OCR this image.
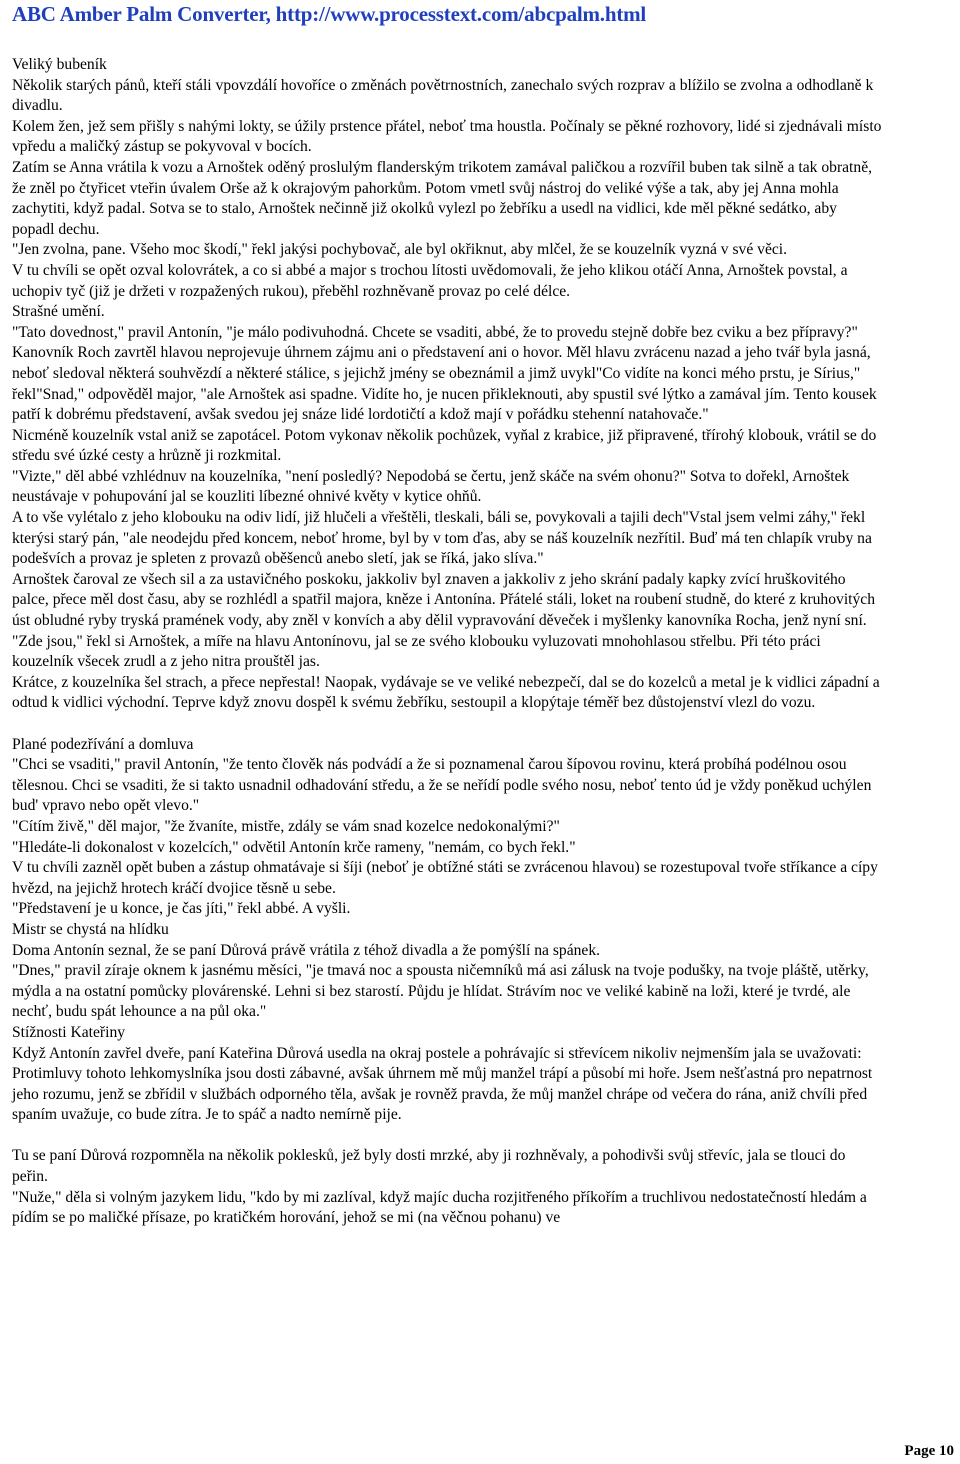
ABC Amber Palm Converter, http://www.processtext.com/abcpalm.html
Veliký bubeník
Několik starých pánů, kteří stáli vpovzdálí hovoříce o změnách povětrnostních, zanechalo svých rozprav a blížilo se zvolna a odhodlaně k divadlu.
Kolem žen, jež sem přišly s nahými lokty, se úžily prstence přátel, neboť tma houstla. Počínaly se pěkné rozhovory, lidé si zjednávali místo vpředu a maličký zástup se pokyvoval v bocích.
Zatím se Anna vrátila k vozu a Arnoštek oděný proslulým flanderským trikotem zamával paličkou a rozvířil buben tak silně a tak obratně, že zněl po čtyřicet vteřin úvalem Orše až k okrajovým pahorkům. Potom vmetl svůj nástroj do veliké výše a tak, aby jej Anna mohla zachytiti, když padal. Sotva se to stalo, Arnoštek nečinně již okolků vylezl po žebříku a usedl na vidlici, kde měl pěkné sedátko, aby popadl dechu.
"Jen zvolna, pane. Všeho moc škodí," řekl jakýsi pochybovač, ale byl okřiknut, aby mlčel, že se kouzelník vyzná v své věci.
V tu chvíli se opět ozval kolovrátek, a co si abbé a major s trochou lítosti uvědomovali, že jeho klikou otáčí Anna, Arnoštek povstal, a uchopiv tyč (již je držeti v rozpažených rukou), přeběhl rozhněvaně provaz po celé délce.
Strašné umění.
"Tato dovednost," pravil Antonín, "je málo podivuhodná. Chcete se vsaditi, abbé, že to provedu stejně dobře bez cviku a bez přípravy?"
Kanovník Roch zavrtěl hlavou neprojevuje úhrnem zájmu ani o představení ani o hovor. Měl hlavu zvrácenu nazad a jeho tvář byla jasná, neboť sledoval některá souhvězdí a některé stálice, s jejichž jmény se obeznámil a jimž uvykl"Co vidíte na konci mého prstu, je Sírius," řekl"Snad," odpověděl major, "ale Arnoštek asi spadne. Vidíte ho, je nucen přikleknouti, aby spustil své lýtko a zamával jím. Tento kousek patří k dobrému představení, avšak svedou jej snáze lidé lordotičtí a kdož mají v pořádku stehenní natahovače."
Nicméně kouzelník vstal aniž se zapotácel. Potom vykonav několik pochůzek, vyňal z krabice, již připravené, třírohý klobouk, vrátil se do středu své úzké cesty a hrůzně ji rozkmital.
"Vizte," děl abbé vzhlédnuv na kouzelníka, "není posledlý? Nepodobá se čertu, jenž skáče na svém ohonu?" Sotva to dořekl, Arnoštek neustávaje v pohupování jal se kouzliti líbezné ohnivé květy v kytice ohňů.
A to vše vylétalo z jeho klobouku na odiv lidí, již hlučeli a vřeštěli, tleskali, báli se, povykovali a tajili dech"Vstal jsem velmi záhy," řekl kterýsi starý pán, "ale neodejdu před koncem, neboť hrome, byl by v tom ďas, aby se náš kouzelník nezřítil. Buď má ten chlapík vruby na podešvích a provaz je spleten z provazů oběšenců anebo sletí, jak se říká, jako slíva."
Arnoštek čaroval ze všech sil a za ustavičného poskoku, jakkoliv byl znaven a jakkoliv z jeho skrání padaly kapky zvící hruškovitého palce, přece měl dost času, aby se rozhlédl a spatřil majora, kněze i Antonína. Přátelé stáli, loket na roubení studně, do které z kruhovitých úst obludné ryby tryská pramének vody, aby zněl v konvích a aby dělil vypravování děveček i myšlenky kanovníka Rocha, jenž nyní sní.
"Zde jsou," řekl si Arnoštek, a míře na hlavu Antonínovu, jal se ze svého klobouku vyluzovati mnohohlasou střelbu. Při této práci kouzelník všecek zrudl a z jeho nitra prouštěl jas.
Krátce, z kouzelníka šel strach, a přece nepřestal! Naopak, vydávaje se ve veliké nebezpečí, dal se do kozelců a metal je k vidlici západní a odtud k vidlici východní. Teprve když znovu dospěl k svému žebříku, sestoupil a klopýtaje téměř bez důstojenství vlezl do vozu.
Plané podezřívání a domluva
"Chci se vsaditi," pravil Antonín, "že tento člověk nás podvádí a že si poznamenal čarou šípovou rovinu, která probíhá podélnou osou tělesnou. Chci se vsaditi, že si takto usnadnil odhadování středu, a že se neřídí podle svého nosu, neboť tento úd je vždy poněkud uchýlen bud' vpravo nebo opět vlevo."
"Cítím živě," děl major, "že žvaníte, mistře, zdály se vám snad kozelce nedokonalými?"
"Hledáte-li dokonalost v kozelcích," odvětil Antonín krče rameny, "nemám, co bych řekl."
V tu chvíli zazněl opět buben a zástup ohmatávaje si šíji (neboť je obtížné státi se zvrácenou hlavou) se rozestupoval tvoře stříkance a cípy hvězd, na jejichž hrotech kráčí dvojice těsně u sebe.
"Představení je u konce, je čas jíti," řekl abbé. A vyšli.
Mistr se chystá na hlídku
Doma Antonín seznal, že se paní Důrová právě vrátila z téhož divadla a že pomýšlí na spánek.
"Dnes," pravil zíraje oknem k jasnému měsíci, "je tmavá noc a spousta ničemníků má asi zálusk na tvoje podušky, na tvoje pláště, utěrky, mýdla a na ostatní pomůcky plovárenské. Lehni si bez starostí. Půjdu je hlídat. Strávím noc ve veliké kabině na loži, které je tvrdé, ale nechť, budu spát lehounce a na půl oka."
Stížnosti Kateřiny
Když Antonín zavřel dveře, paní Kateřina Důrová usedla na okraj postele a pohrávajíc si střevícem nikoliv nejmenším jala se uvažovati:
Protimluvy tohoto lehkomyslníka jsou dosti zábavné, avšak úhrnem mě můj manžel trápí a působí mi hoře. Jsem nešťastná pro nepatrnost jeho rozumu, jenž se zbřídil v službách odporného těla, avšak je rovněž pravda, že můj manžel chrápe od večera do rána, aniž chvíli před spaním uvažuje, co bude zítra. Je to spáč a nadto nemírně pije.
Tu se paní Důrová rozpomněla na několik poklesků, jež byly dosti mrzké, aby ji rozhněvaly, a pohodivši svůj střevíc, jala se tlouci do peřin.
"Nuže," děla si volným jazykem lidu, "kdo by mi zazlíval, když majíc ducha rozjitřeného příkořím a truchlivou nedostatečností hledám a pídím se po maličké přísaze, po kratičkém horování, jehož se mi (na věčnou pohanu) ve
Page 10
